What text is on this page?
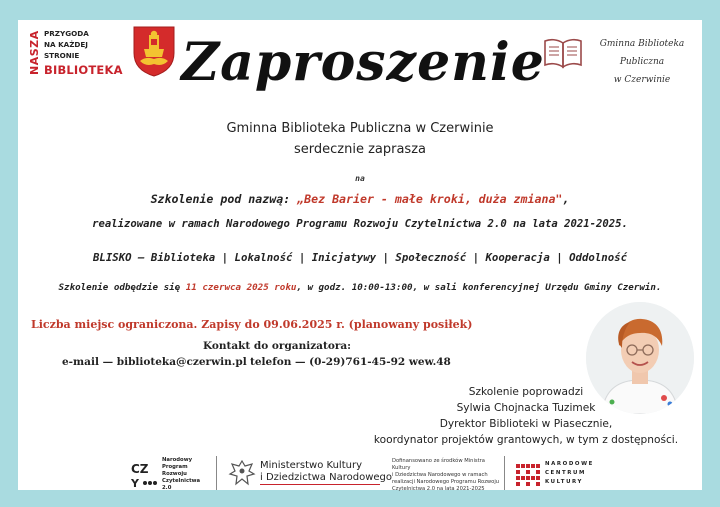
NASZA PRZYGODA
NA KAŻDEJ
STRONIE
BIBLIOTEKA Zaproszenie	Gminna Biblioteka Publiczna
w Czerwinie
Gminna Biblioteka Publiczna w Czerwinie
serdecznie zaprasza
na
Szkolenie pod nazwą: „Bez Barier - małe kroki, duża zmiana",
realizowane w ramach Narodowego Programu Rozwoju Czytelnictwa 2.0 na lata 2021-2025.
BLISKO – Biblioteka | Lokalność | Inicjatywy | Społeczność | Kooperacja | Oddolność
Szkolenie odbędzie się 11 czerwca 2025 roku, w godz. 10:00-13:00, w sali konferencyjnej Urzędu Gminy Czerwin.
Liczba miejsc ograniczona. Zapisy do 09.06.2025 r. (planowany posiłek)
Kontakt do organizatora:
e-mail — biblioteka@czerwin.pl telefon — (0-29)761-45-92 wew.48
Szkolenie poprowadzi
Sylwia Chojnacka Tuzimek
Dyrektor Biblioteki w Piasecznie,
koordynator projektów grantowych, w tym z dostępności.
CZ
Y
Narodowy
Program
Rozwoju
Czytelnictwa
2.0
Ministerstwo Kultury
i Dziedzictwa Narodowego
Dofinansowano ze środków Ministra Kultury
i Dziedzictwa Narodowego w ramach
realizacji Narodowego Programu Rozwoju
Czytelnictwa 2.0 na lata 2021-2025
NARODOWE
CENTRUM
KULTURY
